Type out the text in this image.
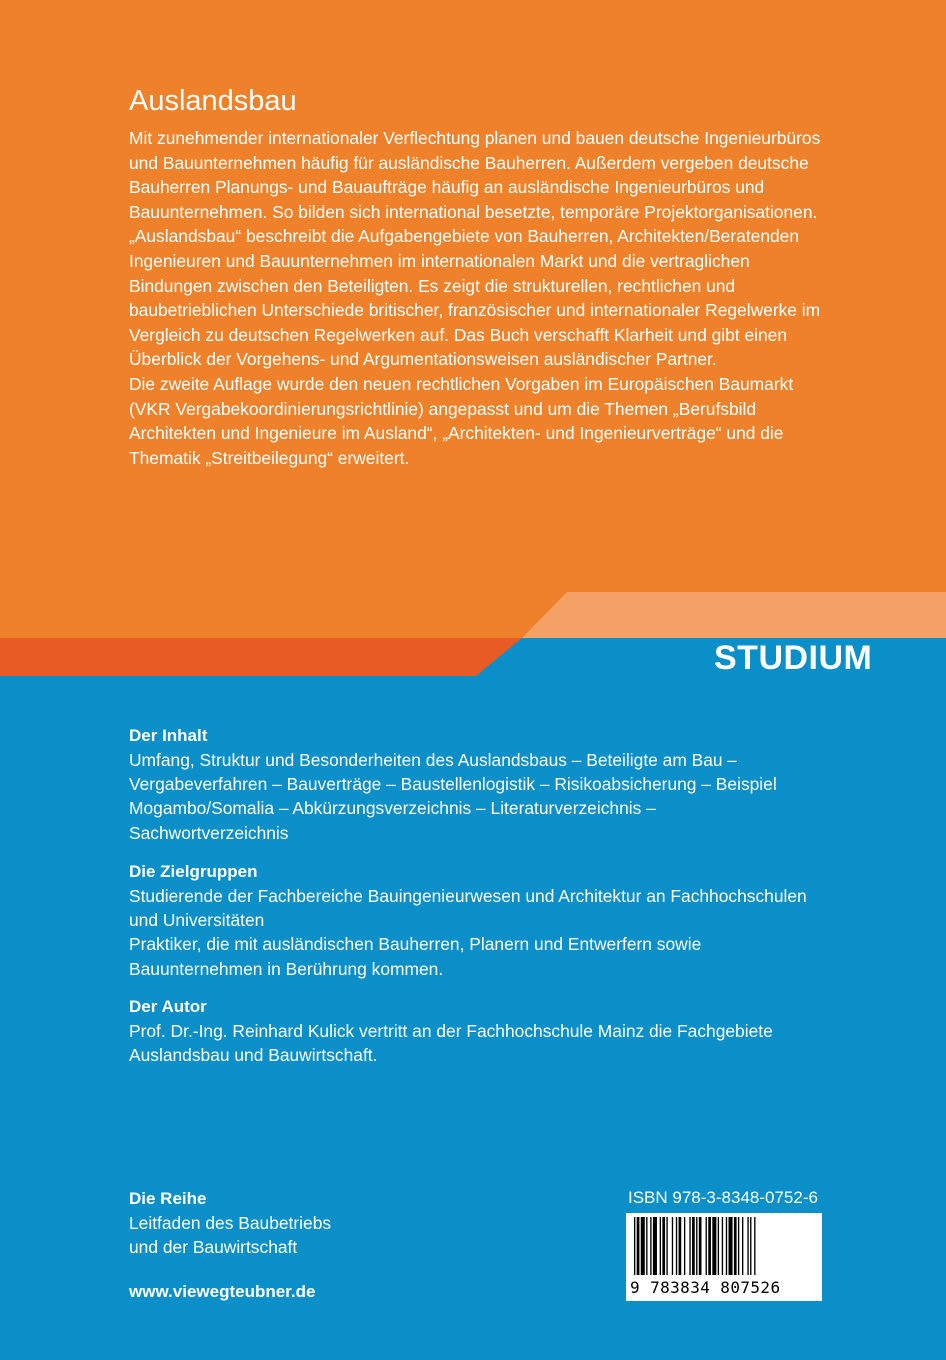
Auslandsbau

Mit zunehmender internationaler Verflechtung planen und bauen deutsche Ingenieurbüros und Bauunternehmen häufig für ausländische Bauherren. Außerdem vergeben deutsche Bauherren Planungs- und Bauaufträge häufig an ausländische Ingenieurbüros und Bauunternehmen. So bilden sich international besetzte, temporäre Projektorganisationen. „Auslandsbau“ beschreibt die Aufgabengebiete von Bauherren, Architekten/Beratenden Ingenieuren und Bauunternehmen im internationalen Markt und die vertraglichen Bindungen zwischen den Beteiligten. Es zeigt die strukturellen, rechtlichen und baubetrieblichen Unterschiede britischer, französischer und internationaler Regelwerke im Vergleich zu deutschen Regelwerken auf. Das Buch verschafft Klarheit und gibt einen Überblick der Vorgehens- und Argumentationsweisen ausländischer Partner.

Die zweite Auflage wurde den neuen rechtlichen Vorgaben im Europäischen Baumarkt (VKR Vergabekoordinierungsrichtlinie) angepasst und um die Themen „Berufsbild Architekten und Ingenieure im Ausland“, „Architekten- und Ingenieurverträge“ und die Thematik „Streitbeilegung“ erweitert.

STUDIUM
Der Inhalt

Umfang, Struktur und Besonderheiten des Auslandsbaus – Beteiligte am Bau – Vergabeverfahren – Bauverträge – Baustellenlogistik – Risikoabsicherung – Beispiel Mogambo/Somalia – Abkürzungsverzeichnis – Literaturverzeichnis – Sachwortverzeichnis

Die Zielgruppen

Studierende der Fachbereiche Bauingenieurwesen und Architektur an Fachhochschulen und Universitäten

Praktiker, die mit ausländischen Bauherren, Planern und Entwerfern sowie Bauunternehmen in Berührung kommen.

Der Autor

Prof. Dr.-Ing. Reinhard Kulick vertritt an der Fachhochschule Mainz die Fachgebiete Auslandsbau und Bauwirtschaft.

Die Reihe

Leitfaden des Baubetriebs

und der Bauwirtschaft

www.viewegteubner.de
ISBN 978-3-8348-0752-6
9 783834 807526
